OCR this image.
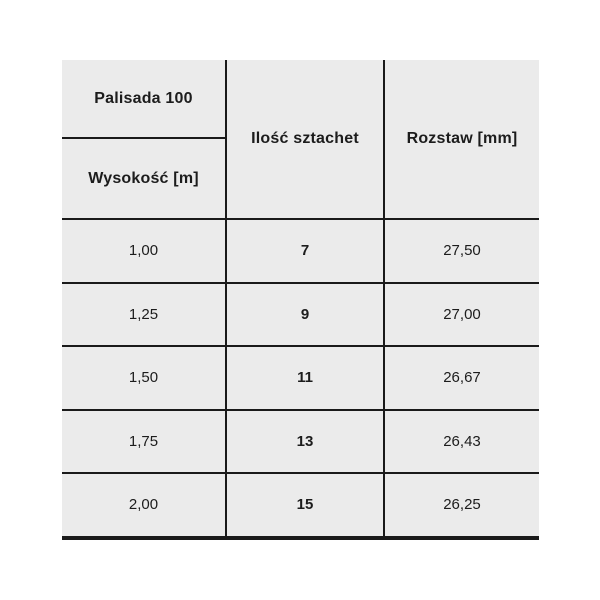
Palisada 100	Ilość sztachet	Rozstaw [mm]
Wysokość [m]		
1,00	7	27,50
1,25	9	27,00
1,50	11	26,67
1,75	13	26,43
2,00	15	26,25
